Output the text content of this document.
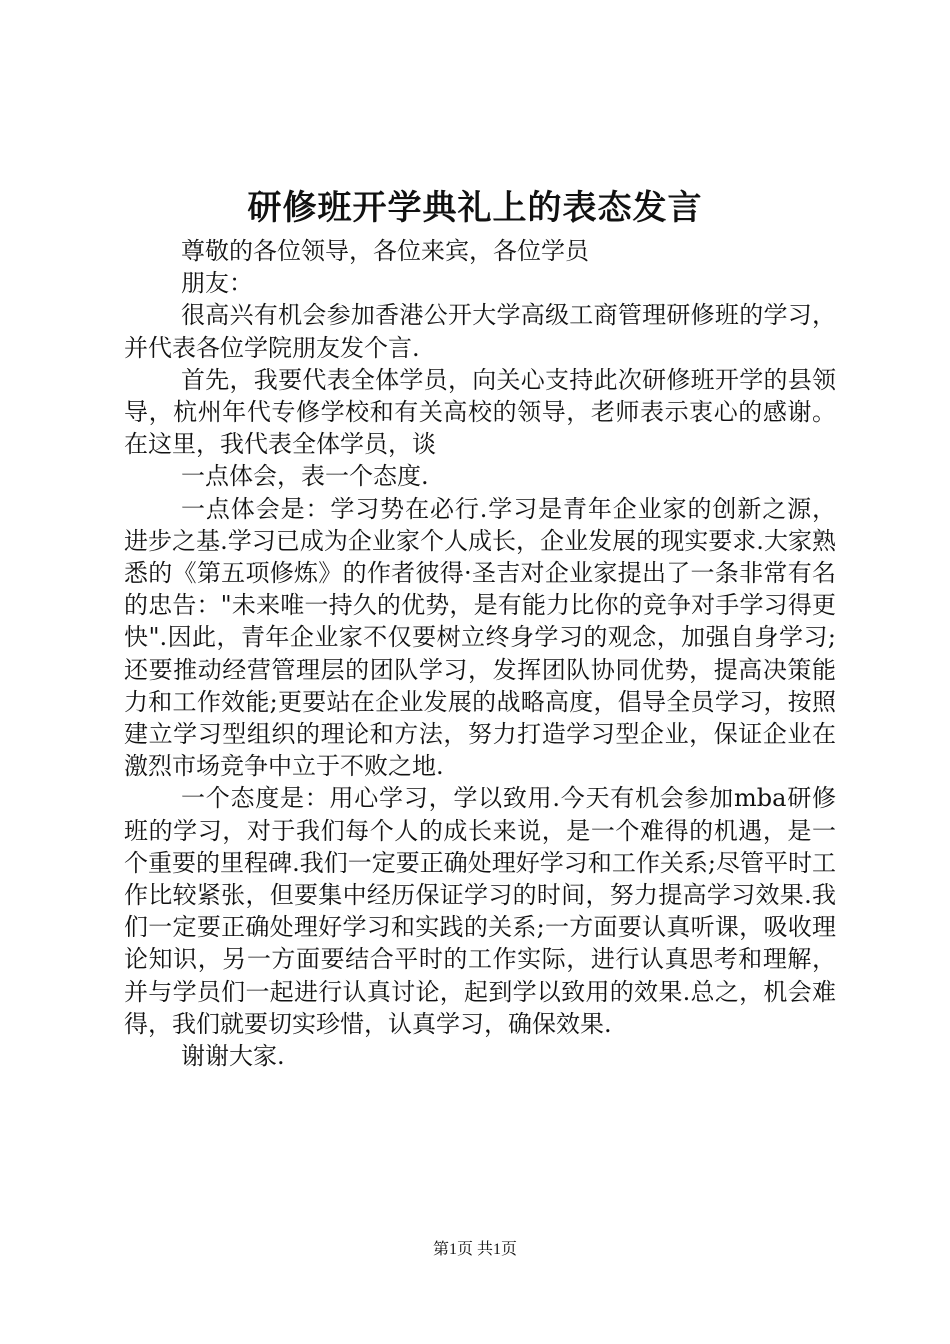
研修班开学典礼上的表态发言

尊敬的各位领导，各位来宾，各位学员

朋友：

很高兴有机会参加香港公开大学高级工商管理研修班的学习，并代表各位学院朋友发个言.

首先，我要代表全体学员，向关心支持此次研修班开学的县领导，杭州年代专修学校和有关高校的领导，老师表示衷心的感谢。在这里，我代表全体学员，谈

一点体会，表一个态度.

一点体会是：学习势在必行.学习是青年企业家的创新之源，进步之基.学习已成为企业家个人成长，企业发展的现实要求.大家熟悉的《第五项修炼》的作者彼得·圣吉对企业家提出了一条非常有名的忠告："未来唯一持久的优势，是有能力比你的竞争对手学习得更快".因此，青年企业家不仅要树立终身学习的观念，加强自身学习;还要推动经营管理层的团队学习，发挥团队协同优势，提高决策能力和工作效能;更要站在企业发展的战略高度，倡导全员学习，按照建立学习型组织的理论和方法，努力打造学习型企业，保证企业在激烈市场竞争中立于不败之地.

一个态度是：用心学习，学以致用.今天有机会参加mba研修班的学习，对于我们每个人的成长来说，是一个难得的机遇，是一个重要的里程碑.我们一定要正确处理好学习和工作关系;尽管平时工作比较紧张，但要集中经历保证学习的时间，努力提高学习效果.我们一定要正确处理好学习和实践的关系;一方面要认真听课，吸收理论知识，另一方面要结合平时的工作实际，进行认真思考和理解，并与学员们一起进行认真讨论，起到学以致用的效果.总之，机会难得，我们就要切实珍惜，认真学习，确保效果.

谢谢大家.

第1页 共1页
